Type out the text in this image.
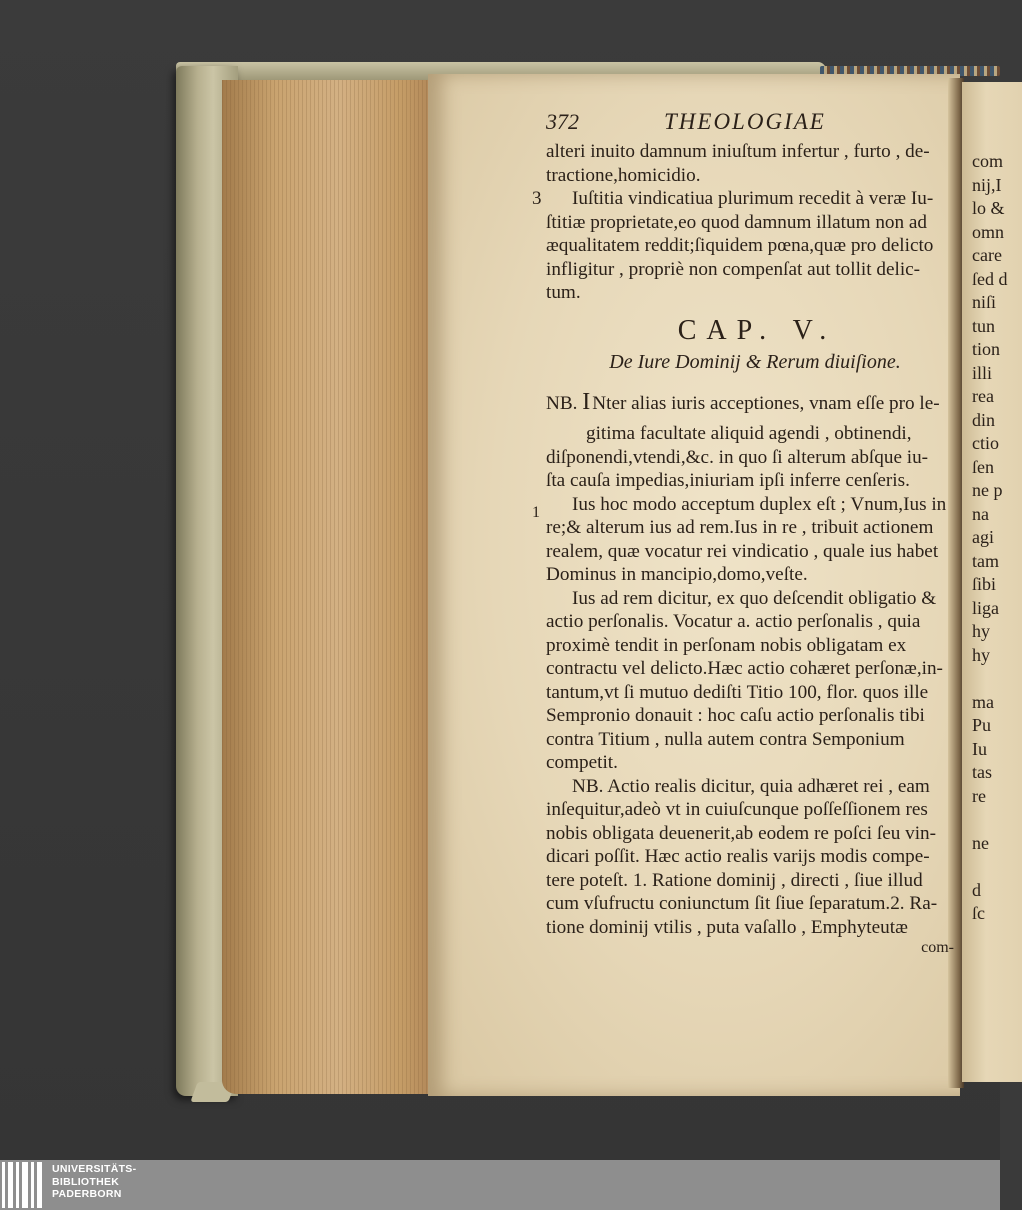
372	THEOLOGIAE
alteri inuito damnum iniuſtum infertur , furto , de-
tractione,homicidio.
3	Iuſtitia vindicatiua plurimum recedit à veræ Iu-
ſtitiæ proprietate,eo quod damnum illatum non ad
æqualitatem reddit;ſiquidem pœna,quæ pro delicto
infligitur , propriè non compenſat aut tollit delic-
tum.
CAP. V.
De Iure Dominij & Rerum diuiſione.
NB. I Nter alias iuris acceptiones, vnam eſſe pro le-
gitima facultate aliquid agendi , obtinendi,
diſponendi,vtendi,&c. in quo ſi alterum abſque iu-
ſta cauſa impedias,iniuriam ipſi inferre cenſeris.
1	Ius hoc modo acceptum duplex eſt ; Vnum,Ius in
re;& alterum ius ad rem.Ius in re , tribuit actionem
realem, quæ vocatur rei vindicatio , quale ius habet
Dominus in mancipio,domo,veſte.
Ius ad rem dicitur, ex quo deſcendit obligatio &
actio perſonalis. Vocatur a. actio perſonalis , quia
proximè tendit in perſonam nobis obligatam ex
contractu vel delicto.Hæc actio cohæret perſonæ,in-
tantum,vt ſi mutuo dediſti Titio 100, flor. quos ille
Sempronio donauit : hoc caſu actio perſonalis tibi
contra Titium , nulla autem contra Semponium
competit.
NB. Actio realis dicitur, quia adhæret rei , eam
inſequitur,adeò vt in cuiuſcunque poſſeſſionem res
nobis obligata deuenerit,ab eodem re poſci ſeu vin-
dicari poſſit. Hæc actio realis varijs modis compe-
tere poteſt. 1. Ratione dominij , directi , ſiue illud
cum vſufructu coniunctum ſit ſiue ſeparatum.2. Ra-
tione dominij vtilis , puta vaſallo , Emphyteutæ
com-
com
nij,I
lo &
omn
care
ſed d
niſi
tun
tion
illi
rea
din
ctio
ſen
ne p
na
agi
tam
ſibi
liga
hy
hy
ma
Pu
Iu
tas
re
ne
d
ſc
UNIVERSITÄTS-
BIBLIOTHEK
PADERBORN
